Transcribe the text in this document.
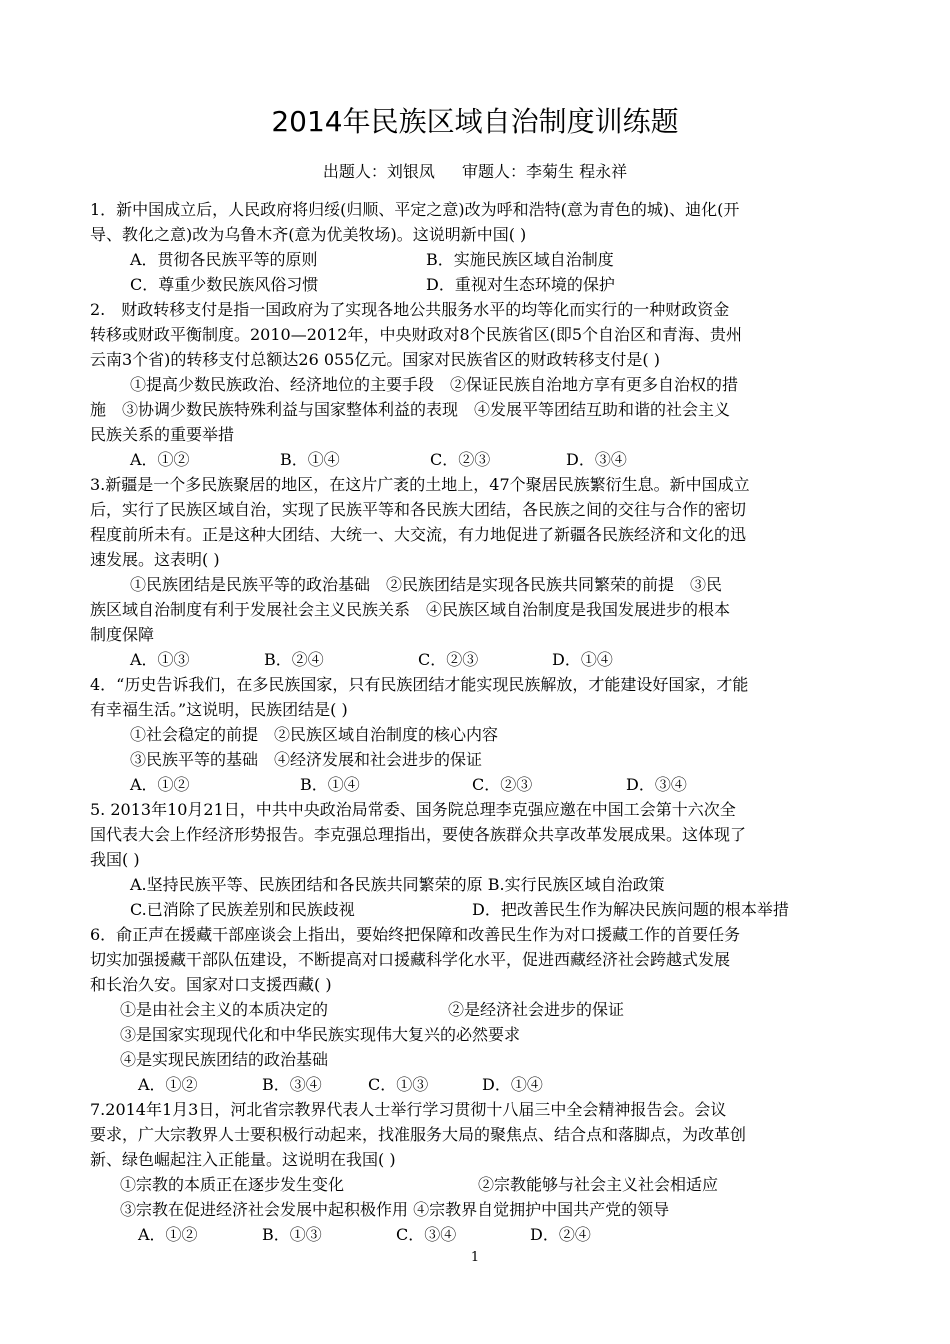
2014年民族区域自治制度训练题
出题人：刘银凤 审题人：李菊生 程永祥
1．新中国成立后，人民政府将归绥(归顺、平定之意)改为呼和浩特(意为青色的城)、迪化(开
导、教化之意)改为乌鲁木齐(意为优美牧场)。这说明新中国( )
A．贯彻各民族平等的原则	B．实施民族区域自治制度
C．尊重少数民族风俗习惯	D．重视对生态环境的保护
2.　财政转移支付是指一国政府为了实现各地公共服务水平的均等化而实行的一种财政资金
转移或财政平衡制度。2010—2012年，中央财政对8个民族省区(即5个自治区和青海、贵州
云南3个省)的转移支付总额达26 055亿元。国家对民族省区的财政转移支付是( )
①提高少数民族政治、经济地位的主要手段　②保证民族自治地方享有更多自治权的措
施　③协调少数民族特殊利益与国家整体利益的表现　④发展平等团结互助和谐的社会主义
民族关系的重要举措
A．①②	B．①④	C．②③	D．③④
3.新疆是一个多民族聚居的地区，在这片广袤的土地上，47个聚居民族繁衍生息。新中国成立
后，实行了民族区域自治，实现了民族平等和各民族大团结，各民族之间的交往与合作的密切
程度前所未有。正是这种大团结、大统一、大交流，有力地促进了新疆各民族经济和文化的迅
速发展。这表明( )
①民族团结是民族平等的政治基础　②民族团结是实现各民族共同繁荣的前提　③民
族区域自治制度有利于发展社会主义民族关系　④民族区域自治制度是我国发展进步的根本
制度保障
A．①③	B．②④	C．②③	D．①④
4．“历史告诉我们，在多民族国家，只有民族团结才能实现民族解放，才能建设好国家，才能
有幸福生活。”这说明，民族团结是( )
①社会稳定的前提　②民族区域自治制度的核心内容
③民族平等的基础　④经济发展和社会进步的保证
A．①②	B．①④	C．②③	D．③④
5. 2013年10月21日，中共中央政治局常委、国务院总理李克强应邀在中国工会第十六次全
国代表大会上作经济形势报告。李克强总理指出，要使各族群众共享改革发展成果。这体现了
我国( )
A.坚持民族平等、民族团结和各民族共同繁荣的原 B.实行民族区域自治政策
C.已消除了民族差别和民族歧视	D．把改善民生作为解决民族问题的根本举措
6．俞正声在援藏干部座谈会上指出，要始终把保障和改善民生作为对口援藏工作的首要任务
切实加强援藏干部队伍建设，不断提高对口援藏科学化水平，促进西藏经济社会跨越式发展
和长治久安。国家对口支援西藏( )
①是由社会主义的本质决定的	②是经济社会进步的保证
③是国家实现现代化和中华民族实现伟大复兴的必然要求
④是实现民族团结的政治基础
A．①②	B．③④	C．①③	D．①④
7.2014年1月3日，河北省宗教界代表人士举行学习贯彻十八届三中全会精神报告会。会议
要求，广大宗教界人士要积极行动起来，找准服务大局的聚焦点、结合点和落脚点，为改革创
新、绿色崛起注入正能量。这说明在我国( )
①宗教的本质正在逐步发生变化	②宗教能够与社会主义社会相适应
③宗教在促进经济社会发展中起积极作用 ④宗教界自觉拥护中国共产党的领导
A．①②	B．①③	C．③④	D．②④
1
